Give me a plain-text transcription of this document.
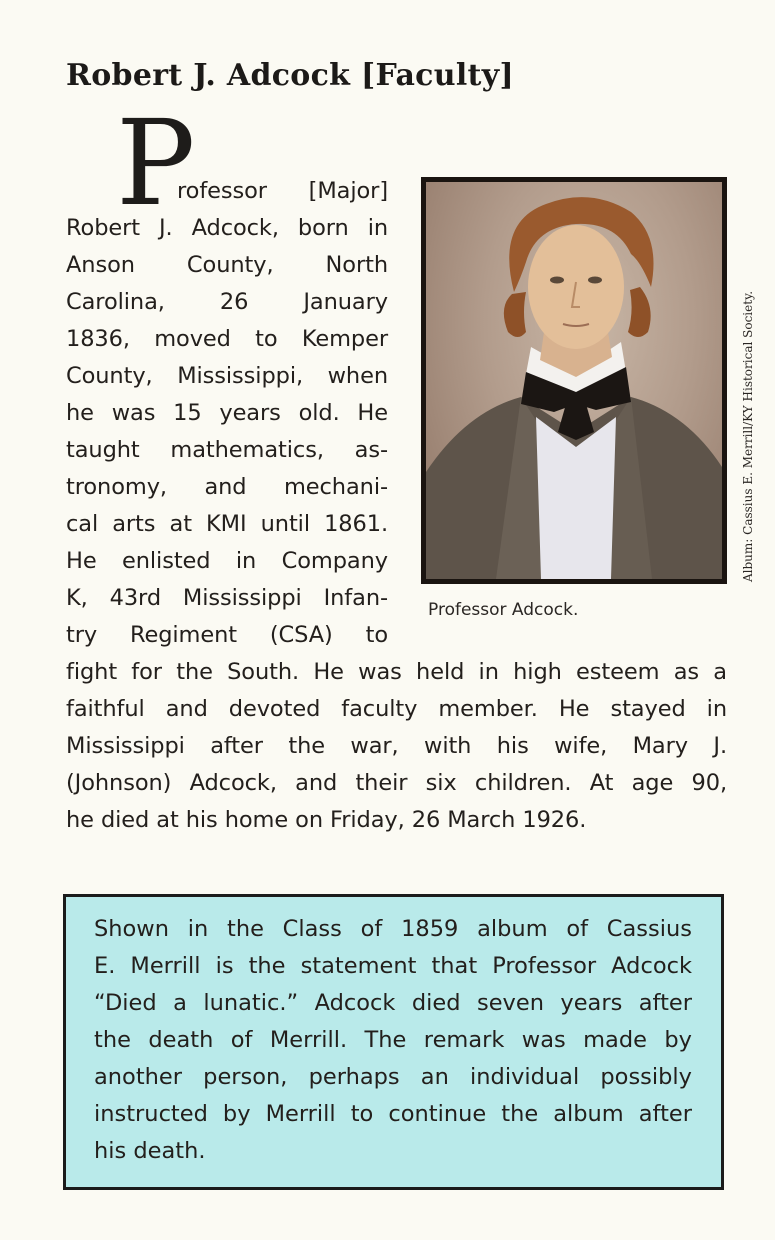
Robert J. Adcock [Faculty]
P
rofessor [Major]
Robert J. Adcock, born in
Anson County, North
Carolina, 26 January
1836, moved to Kemper
County, Mississippi, when
he was 15 years old. He
taught mathematics, as-
tronomy, and mechani-
cal arts at KMI until 1861.
He enlisted in Company
K, 43rd Mississippi Infan-
try Regiment (CSA) to
fight for the South. He was held in high esteem as a
faithful and devoted faculty member. He stayed in
Mississippi after the war, with his wife, Mary J.
(Johnson) Adcock, and their six children. At age 90,
he died at his home on Friday, 26 March 1926.
Professor Adcock.
Album: Cassius E. Merrill/KY Historical Society.
Shown in the Class of 1859 album of Cassius
E. Merrill is the statement that Professor Adcock
“Died a lunatic.” Adcock died seven years after
the death of Merrill. The remark was made by
another person, perhaps an individual possibly
instructed by Merrill to continue the album after
his death.
